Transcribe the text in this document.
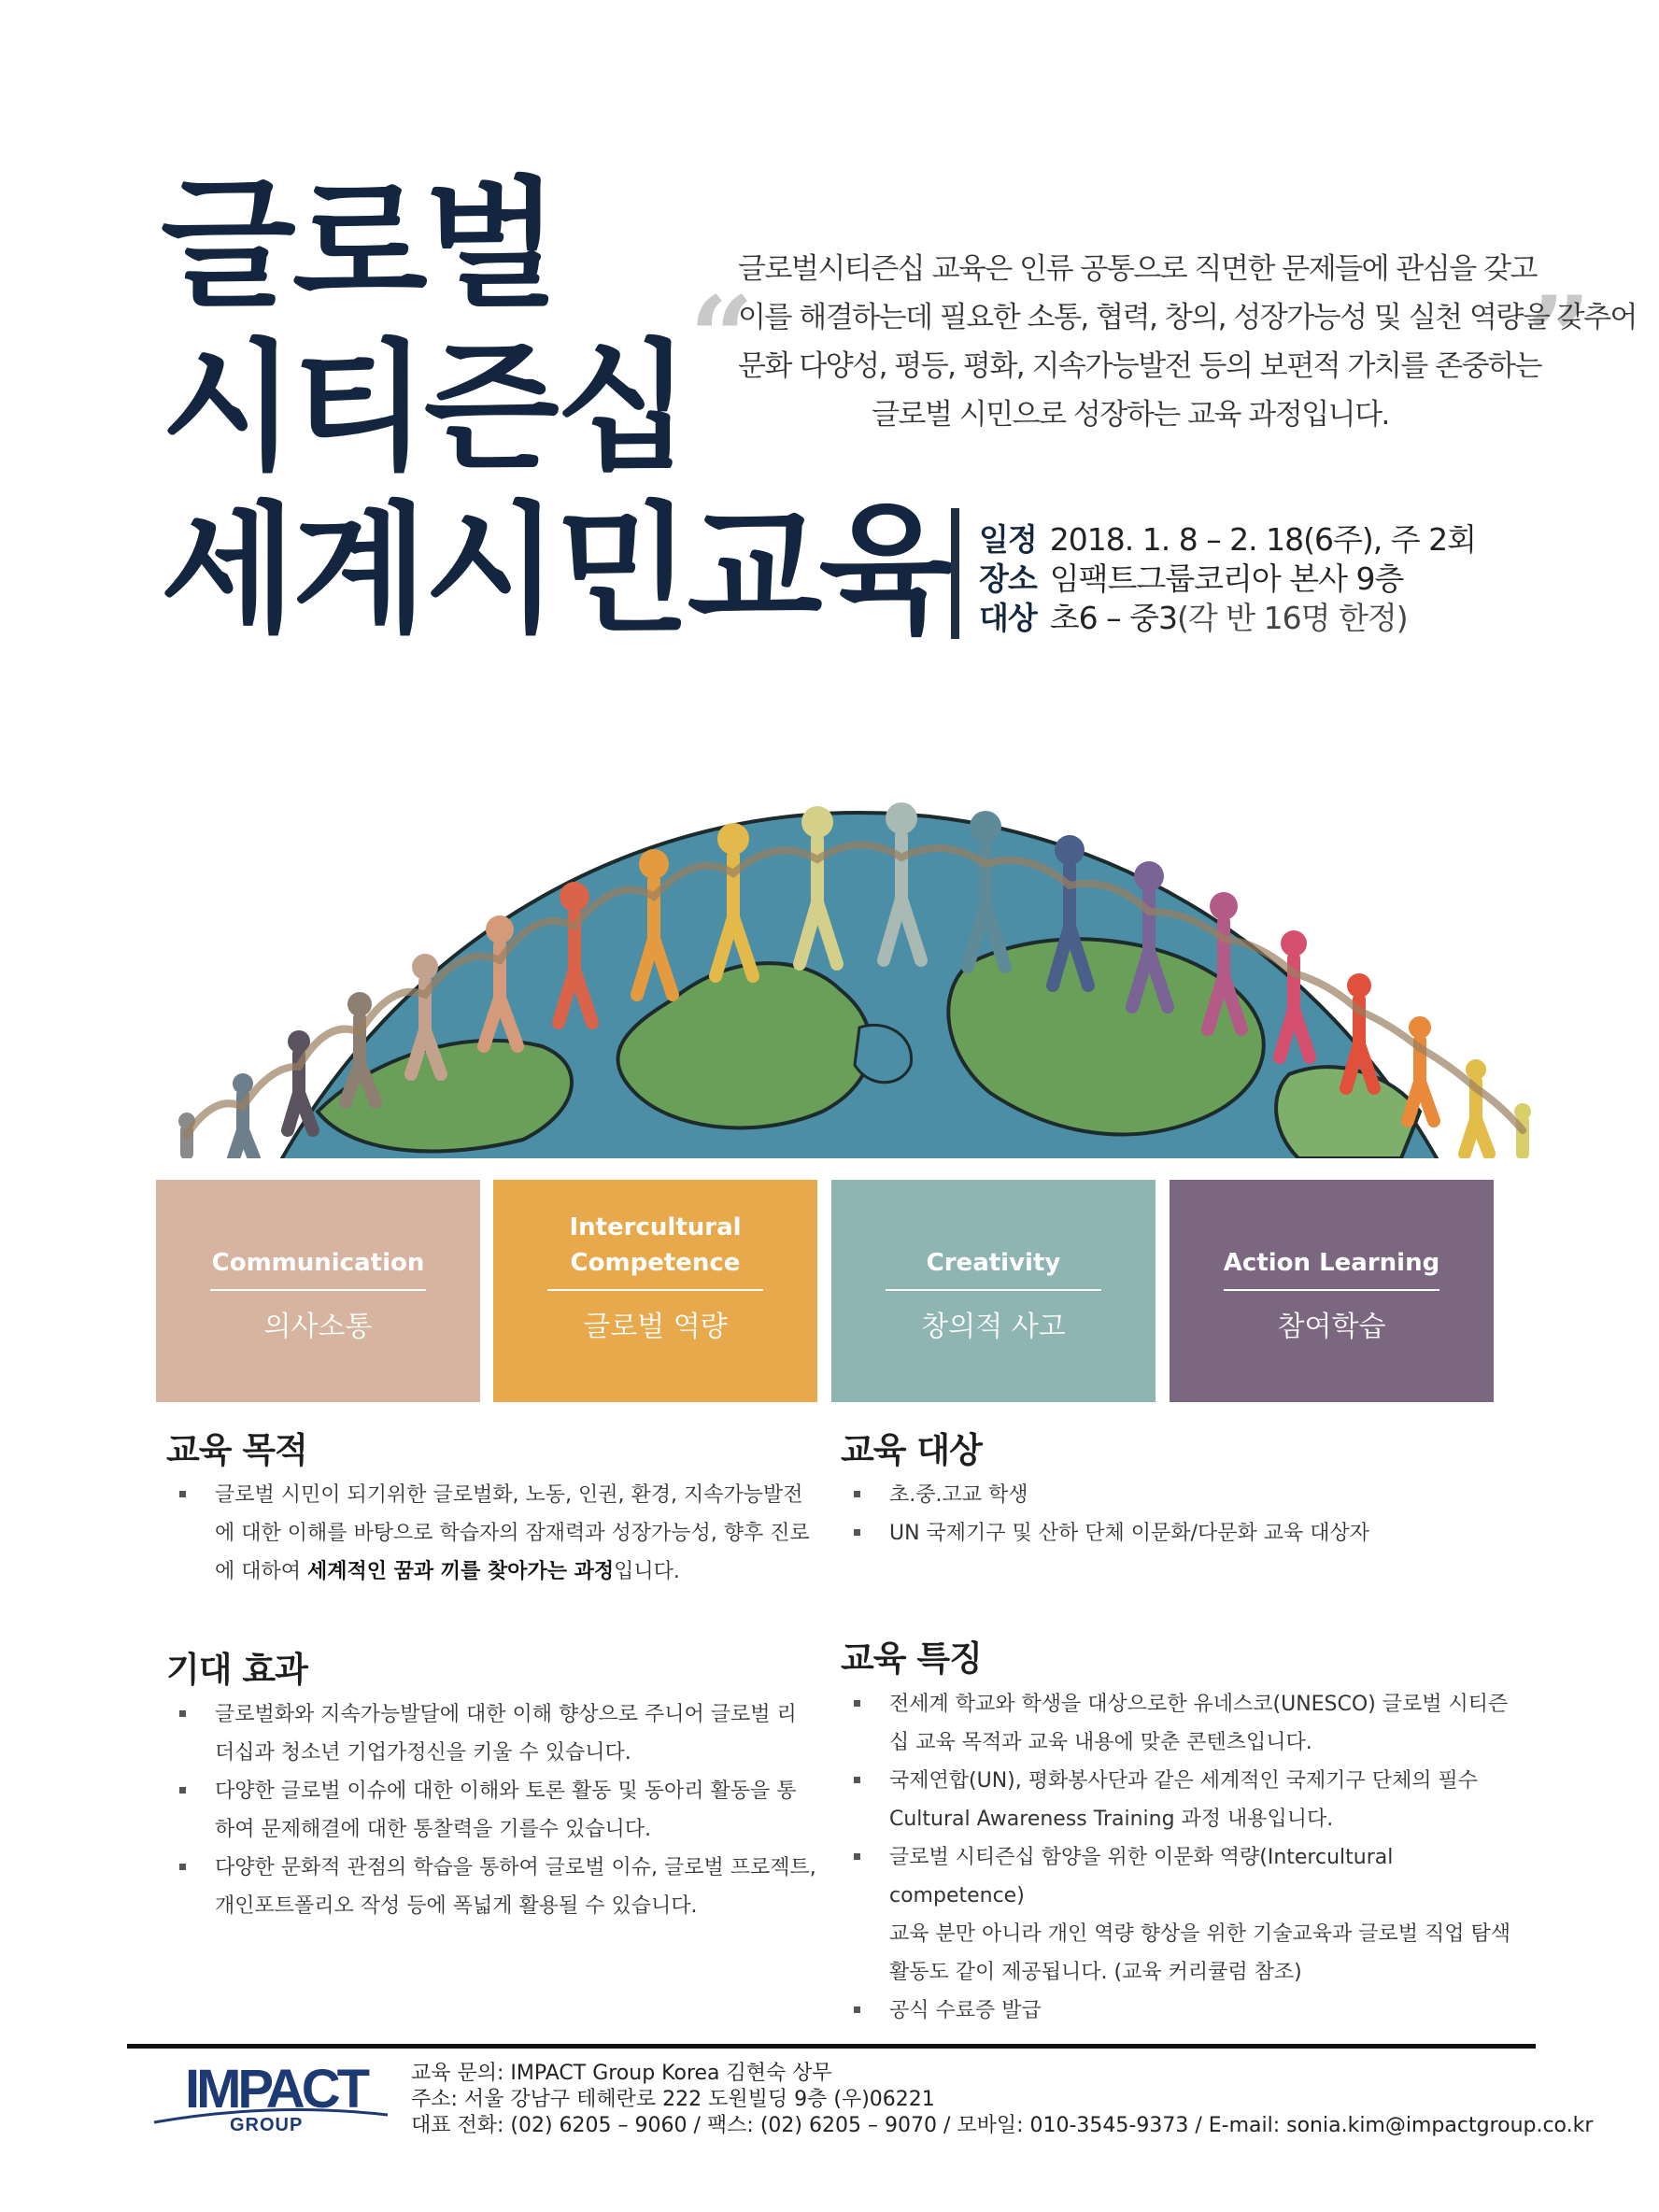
글로벌
시티즌십
세계시민교육
“	”
글로벌시티즌십 교육은 인류 공통으로 직면한 문제들에 관심을 갖고
이를 해결하는데 필요한 소통, 협력, 창의, 성장가능성 및 실천 역량을 갖추어
문화 다양성, 평등, 평화, 지속가능발전 등의 보편적 가치를 존중하는
글로벌 시민으로 성장하는 교육 과정입니다.
일정 2018. 1. 8 – 2. 18(6주), 주 2회
장소 임팩트그룹코리아 본사 9층
대상 초6 – 중3(각 반 16명 한정)
Communication
의사소통
Intercultural
Competence
글로벌 역량
Creativity
창의적 사고
Action Learning
참여학습
교육 목적
글로벌 시민이 되기위한 글로벌화, 노동, 인권, 환경, 지속가능발전
에 대한 이해를 바탕으로 학습자의 잠재력과 성장가능성, 향후 진로
에 대하여 세계적인 꿈과 끼를 찾아가는 과정입니다.
교육 대상
초.중.고교 학생
UN 국제기구 및 산하 단체 이문화/다문화 교육 대상자
기대 효과
글로벌화와 지속가능발달에 대한 이해 향상으로 주니어 글로벌 리
더십과 청소년 기업가정신을 키울 수 있습니다.
다양한 글로벌 이슈에 대한 이해와 토론 활동 및 동아리 활동을 통
하여 문제해결에 대한 통찰력을 기를수 있습니다.
다양한 문화적 관점의 학습을 통하여 글로벌 이슈, 글로벌 프로젝트,
개인포트폴리오 작성 등에 폭넓게 활용될 수 있습니다.
교육 특징
전세계 학교와 학생을 대상으로한 유네스코(UNESCO) 글로벌 시티즌
십 교육 목적과 교육 내용에 맞춘 콘텐츠입니다.
국제연합(UN), 평화봉사단과 같은 세계적인 국제기구 단체의 필수
Cultural Awareness Training 과정 내용입니다.
글로벌 시티즌십 함양을 위한 이문화 역량(Intercultural competence)
교육 분만 아니라 개인 역량 향상을 위한 기술교육과 글로벌 직업 탐색
활동도 같이 제공됩니다. (교육 커리큘럼 참조)
공식 수료증 발급
IMPACT
GROUP
교육 문의: IMPACT Group Korea 김현숙 상무
주소: 서울 강남구 테헤란로 222 도원빌딩 9층 (우)06221
대표 전화: (02) 6205 – 9060 / 팩스: (02) 6205 – 9070 / 모바일: 010-3545-9373 / E-mail: sonia.kim@impactgroup.co.kr
